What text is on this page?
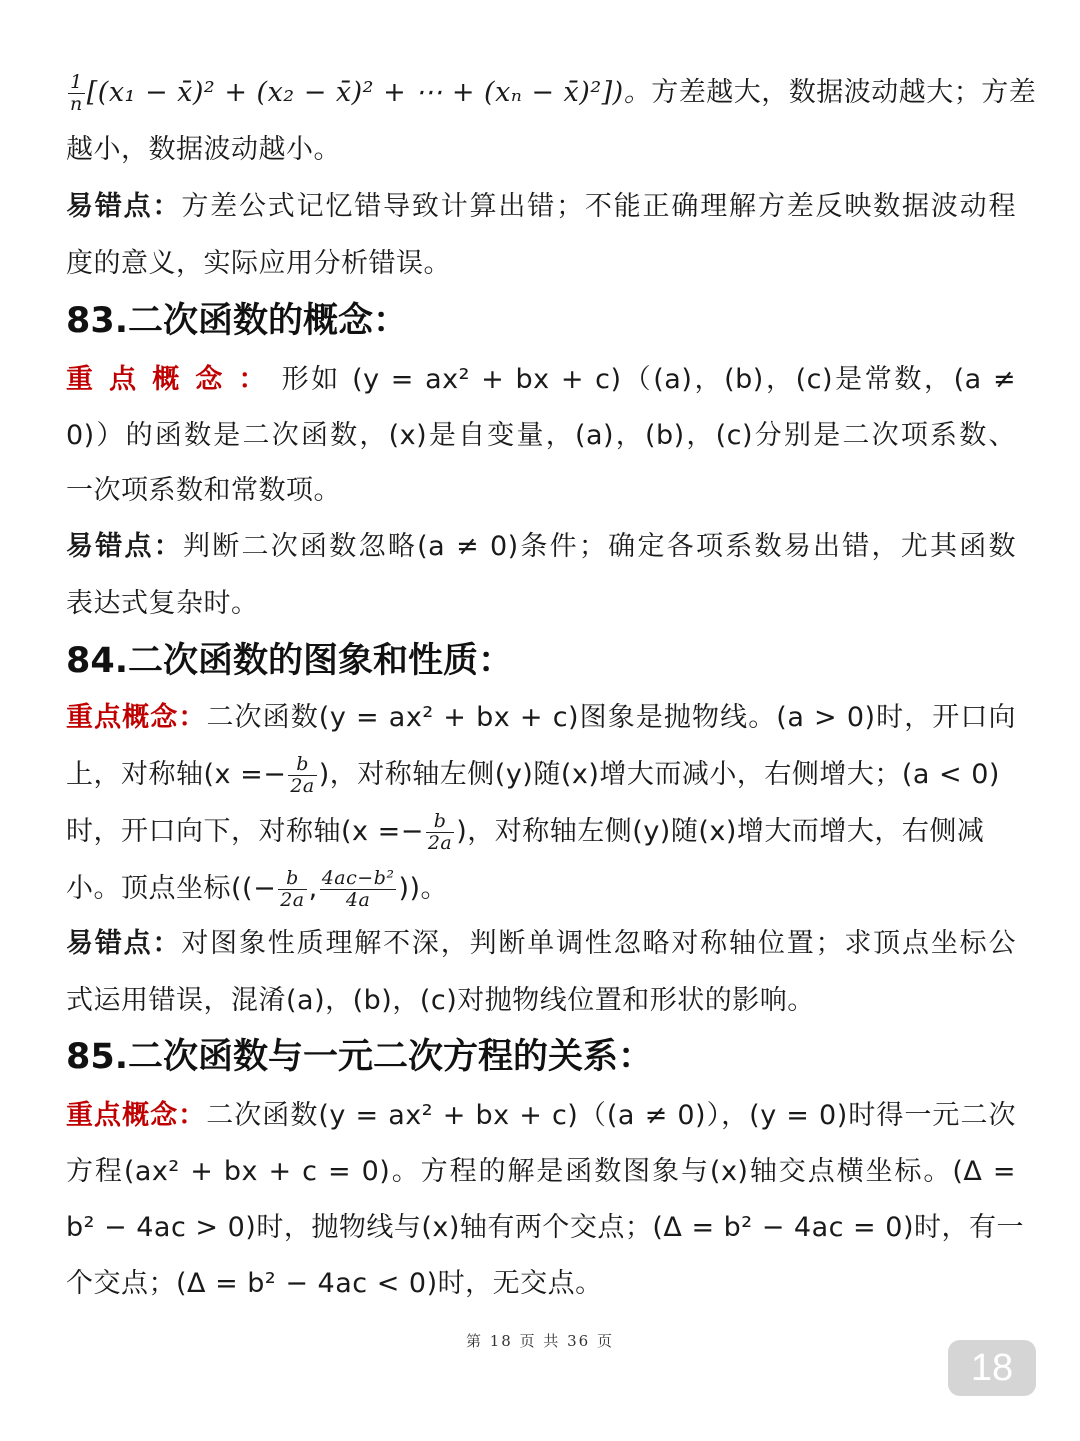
$\frac{1}{n} [(x_1$ − x̄)² + (x₂ − x̄)² + ⋯ + (xₙ − x̄)²])。方差越大，数据波动越大；方差
越小，数据波动越小。
易错点：方差公式记忆错导致计算出错；不能正确理解方差反映数据波动程
度的意义，实际应用分析错误。
83.二次函数的概念：
重点概念：形如 (y = ax² + bx + c)（(a)，(b)，(c)是常数，(a ≠
0)）的函数是二次函数，(x)是自变量，(a)，(b)，(c)分别是二次项系数、
一次项系数和常数项。
易错点：判断二次函数忽略(a ≠ 0)条件；确定各项系数易出错，尤其函数
表达式复杂时。
84.二次函数的图象和性质：
重点概念：二次函数(y = ax² + bx + c)图象是抛物线。(a > 0)时，开口向
上，对称轴($x =- \frac{b}{2a}$ )，对称轴左侧(y)随(x)增大而减小，右侧增大；(a < 0)
时，开口向下，对称轴($x =- \frac{b}{2a}$ )，对称轴左侧(y)随(x)增大而增大，右侧减
小。顶点坐标((− $\frac{b}{2a}$ , $\frac{\text{4ac−b²}}{4a}$ ))。
易错点：对图象性质理解不深，判断单调性忽略对称轴位置；求顶点坐标公
式运用错误，混淆(a)，(b)，(c)对抛物线位置和形状的影响。
85.二次函数与一元二次方程的关系：
重点概念：二次函数(y = ax² + bx + c)（(a ≠ 0)），(y = 0)时得一元二次
方程(ax² + bx + c = 0)。方程的解是函数图象与(x)轴交点横坐标。(Δ =
b² − 4ac > 0)时，抛物线与(x)轴有两个交点；(Δ = b² − 4ac = 0)时，有一
个交点；(Δ = b² − 4ac < 0)时，无交点。
第 18 页 共 36 页
18
